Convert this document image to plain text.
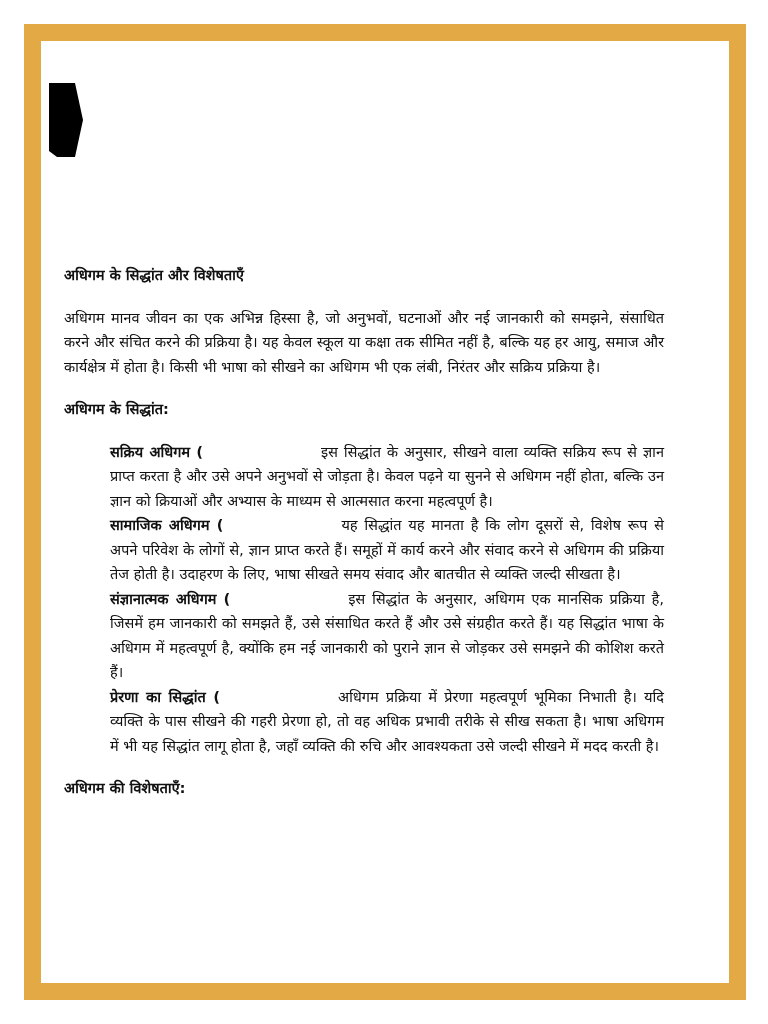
अधिगम के सिद्धांत और विशेषताएँ
अधिगम मानव जीवन का एक अभिन्न हिस्सा है, जो अनुभवों, घटनाओं और नई जानकारी को समझने, संसाधित करने और संचित करने की प्रक्रिया है। यह केवल स्कूल या कक्षा तक सीमित नहीं है, बल्कि यह हर आयु, समाज और कार्यक्षेत्र में होता है। किसी भी भाषा को सीखने का अधिगम भी एक लंबी, निरंतर और सक्रिय प्रक्रिया है।
अधिगम के सिद्धांत:
सक्रिय अधिगम (	इस सिद्धांत के अनुसार, सीखने वाला व्यक्ति सक्रिय रूप से ज्ञान प्राप्त करता है और उसे अपने अनुभवों से जोड़ता है। केवल पढ़ने या सुनने से अधिगम नहीं होता, बल्कि उन ज्ञान को क्रियाओं और अभ्यास के माध्यम से आत्मसात करना महत्वपूर्ण है।
सामाजिक अधिगम (	यह सिद्धांत यह मानता है कि लोग दूसरों से, विशेष रूप से अपने परिवेश के लोगों से, ज्ञान प्राप्त करते हैं। समूहों में कार्य करने और संवाद करने से अधिगम की प्रक्रिया तेज होती है। उदाहरण के लिए, भाषा सीखते समय संवाद और बातचीत से व्यक्ति जल्दी सीखता है।
संज्ञानात्मक अधिगम (	इस सिद्धांत के अनुसार, अधिगम एक मानसिक प्रक्रिया है, जिसमें हम जानकारी को समझते हैं, उसे संसाधित करते हैं और उसे संग्रहीत करते हैं। यह सिद्धांत भाषा के अधिगम में महत्वपूर्ण है, क्योंकि हम नई जानकारी को पुराने ज्ञान से जोड़कर उसे समझने की कोशिश करते हैं।
प्रेरणा का सिद्धांत (	अधिगम प्रक्रिया में प्रेरणा महत्वपूर्ण भूमिका निभाती है। यदि व्यक्ति के पास सीखने की गहरी प्रेरणा हो, तो वह अधिक प्रभावी तरीके से सीख सकता है। भाषा अधिगम में भी यह सिद्धांत लागू होता है, जहाँ व्यक्ति की रुचि और आवश्यकता उसे जल्दी सीखने में मदद करती है।
अधिगम की विशेषताएँ:
